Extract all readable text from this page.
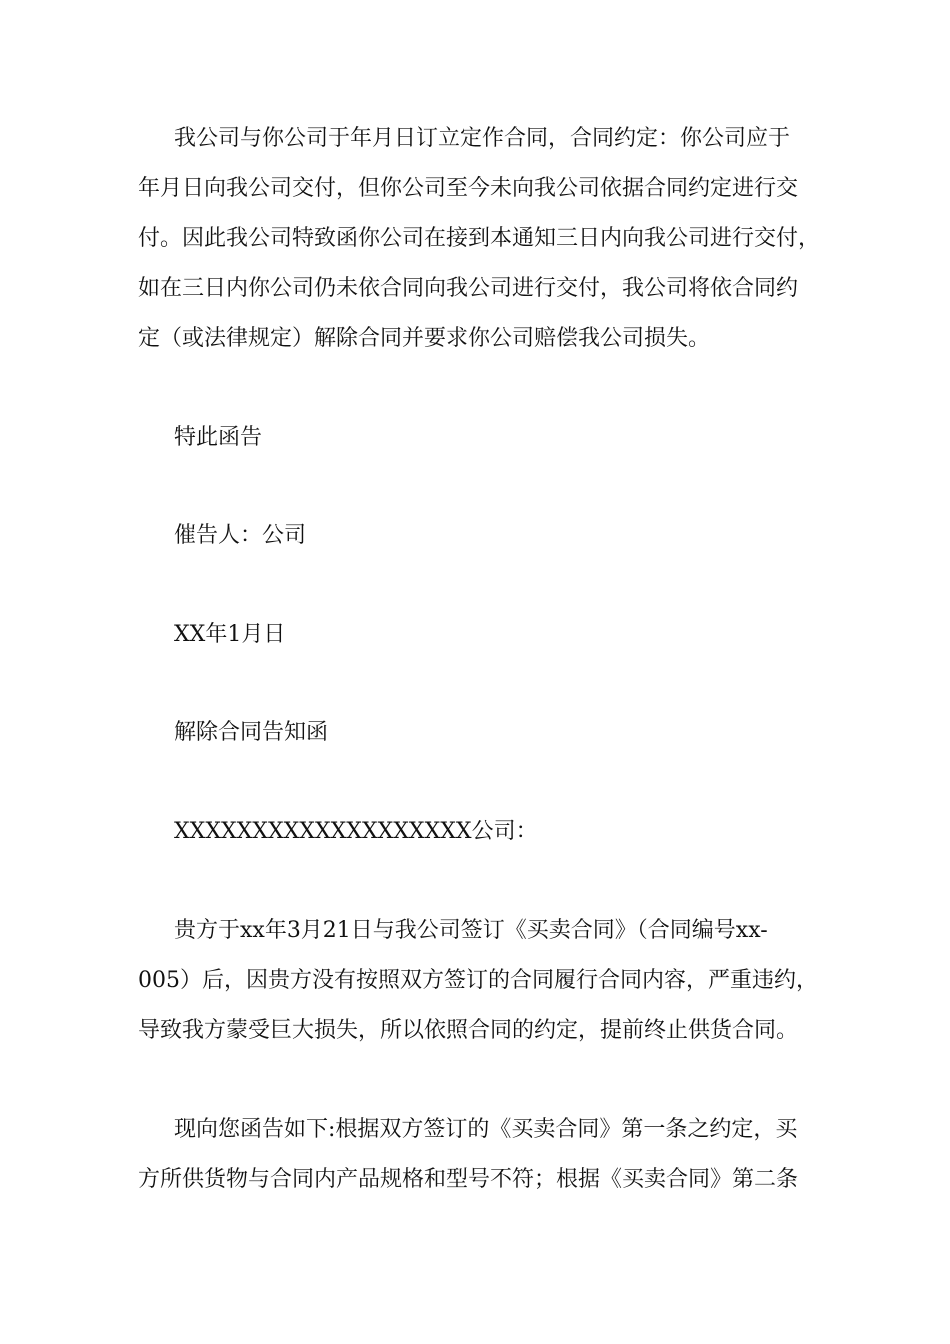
我公司与你公司于年月日订立定作合同，合同约定：你公司应于
年月日向我公司交付，但你公司至今未向我公司依据合同约定进行交
付。因此我公司特致函你公司在接到本通知三日内向我公司进行交付，
如在三日内你公司仍未依合同向我公司进行交付，我公司将依合同约
定（或法律规定）解除合同并要求你公司赔偿我公司损失。
特此函告
催告人：公司
XX年1月日
解除合同告知函
XXXXXXXXXXXXXXXXXXX公司：
贵方于xx年3月21日与我公司签订《买卖合同》（合同编号xx-
005）后，因贵方没有按照双方签订的合同履行合同内容，严重违约，
导致我方蒙受巨大损失，所以依照合同的约定，提前终止供货合同。
现向您函告如下:根据双方签订的《买卖合同》第一条之约定，买
方所供货物与合同内产品规格和型号不符；根据《买卖合同》第二条
